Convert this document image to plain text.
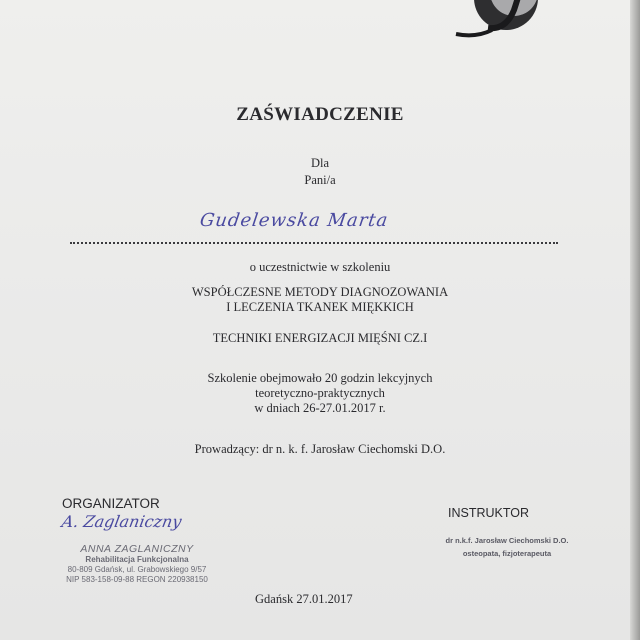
ZAŚWIADCZENIE
Dla
Pani/a
Gudelewska Marta
o uczestnictwie w szkoleniu
WSPÓŁCZESNE METODY DIAGNOZOWANIA
I LECZENIA TKANEK MIĘKKICH
TECHNIKI ENERGIZACJI MIĘŚNI CZ.I
Szkolenie obejmowało 20 godzin lekcyjnych
teoretyczno-praktycznych
w dniach 26-27.01.2017 r.
Prowadzący: dr n. k. f. Jarosław Ciechomski D.O.
ORGANIZATOR
A. Zaglaniczny
ANNA ZAGLANICZNY
Rehabilitacja Funkcjonalna
80-809 Gdańsk, ul. Grabowskiego 9/57
NIP 583-158-09-88 REGON 220938150
INSTRUKTOR
dr n.k.f. Jarosław Ciechomski D.O.
osteopata, fizjoterapeuta
Gdańsk 27.01.2017
